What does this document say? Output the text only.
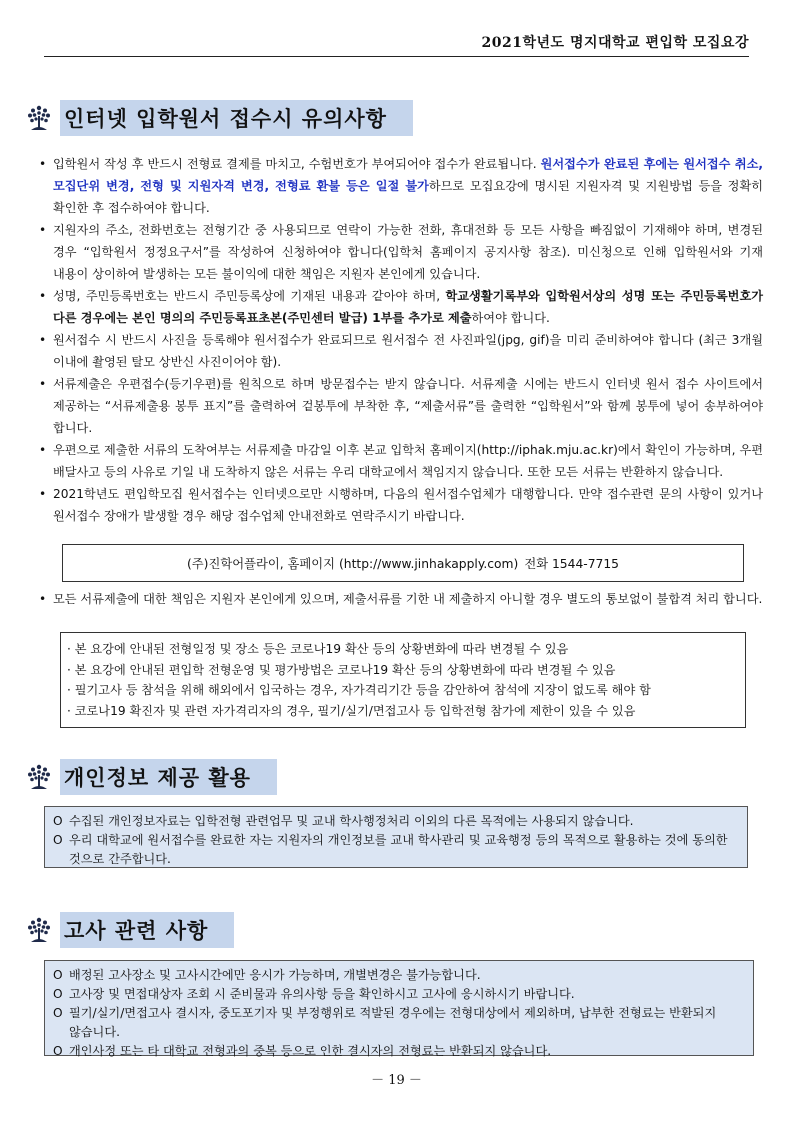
2021학년도 명지대학교 편입학 모집요강
인터넷 입학원서 접수시 유의사항
• 입학원서 작성 후 반드시 전형료 결제를 마치고, 수험번호가 부여되어야 접수가 완료됩니다. 원서접수가 완료된 후에는 원서접수 취소, 모집단위 변경, 전형 및 지원자격 변경, 전형료 환불 등은 일절 불가하므로 모집요강에 명시된 지원자격 및 지원방법 등을 정확히 확인한 후 접수하여야 합니다.
• 지원자의 주소, 전화번호는 전형기간 중 사용되므로 연락이 가능한 전화, 휴대전화 등 모든 사항을 빠짐없이 기재해야 하며, 변경된 경우 “입학원서 정정요구서”를 작성하여 신청하여야 합니다(입학처 홈페이지 공지사항 참조). 미신청으로 인해 입학원서와 기재 내용이 상이하여 발생하는 모든 불이익에 대한 책임은 지원자 본인에게 있습니다.
• 성명, 주민등록번호는 반드시 주민등록상에 기재된 내용과 같아야 하며, 학교생활기록부와 입학원서상의 성명 또는 주민등록번호가 다른 경우에는 본인 명의의 주민등록표초본(주민센터 발급) 1부를 추가로 제출하여야 합니다.
• 원서접수 시 반드시 사진을 등록해야 원서접수가 완료되므로 원서접수 전 사진파일(jpg, gif)을 미리 준비하여야 합니다 (최근 3개월 이내에 촬영된 탈모 상반신 사진이어야 함).
• 서류제출은 우편접수(등기우편)를 원칙으로 하며 방문접수는 받지 않습니다. 서류제출 시에는 반드시 인터넷 원서 접수 사이트에서 제공하는 “서류제출용 봉투 표지”를 출력하여 겉봉투에 부착한 후, “제출서류”를 출력한 “입학원서”와 함께 봉투에 넣어 송부하여야 합니다.
• 우편으로 제출한 서류의 도착여부는 서류제출 마감일 이후 본교 입학처 홈페이지(http://iphak.mju.ac.kr)에서 확인이 가능하며, 우편 배달사고 등의 사유로 기일 내 도착하지 않은 서류는 우리 대학교에서 책임지지 않습니다. 또한 모든 서류는 반환하지 않습니다.
• 2021학년도 편입학모집 원서접수는 인터넷으로만 시행하며, 다음의 원서접수업체가 대행합니다. 만약 접수관련 문의 사항이 있거나 원서접수 장애가 발생할 경우 해당 접수업체 안내전화로 연락주시기 바랍니다.
(주)진학어플라이, 홈페이지 (http://www.jinhakapply.com) 전화 1544-7715
• 모든 서류제출에 대한 책임은 지원자 본인에게 있으며, 제출서류를 기한 내 제출하지 아니할 경우 별도의 통보없이 불합격 처리 합니다.
· 본 요강에 안내된 전형일정 및 장소 등은 코로나19 확산 등의 상황변화에 따라 변경될 수 있음
· 본 요강에 안내된 편입학 전형운영 및 평가방법은 코로나19 확산 등의 상황변화에 따라 변경될 수 있음
· 필기고사 등 참석을 위해 해외에서 입국하는 경우, 자가격리기간 등을 감안하여 참석에 지장이 없도록 해야 함
· 코로나19 확진자 및 관련 자가격리자의 경우, 필기/실기/면접고사 등 입학전형 참가에 제한이 있을 수 있음
개인정보 제공 활용
O 수집된 개인정보자료는 입학전형 관련업무 및 교내 학사행정처리 이외의 다른 목적에는 사용되지 않습니다.
O 우리 대학교에 원서접수를 완료한 자는 지원자의 개인정보를 교내 학사관리 및 교육행정 등의 목적으로 활용하는 것에 동의한 것으로 간주합니다.
고사 관련 사항
O 배정된 고사장소 및 고사시간에만 응시가 가능하며, 개별변경은 불가능합니다.
O 고사장 및 면접대상자 조회 시 준비물과 유의사항 등을 확인하시고 고사에 응시하시기 바랍니다.
O 필기/실기/면접고사 결시자, 중도포기자 및 부정행위로 적발된 경우에는 전형대상에서 제외하며, 납부한 전형료는 반환되지 않습니다.
O 개인사정 또는 타 대학교 전형과의 중복 등으로 인한 결시자의 전형료는 반환되지 않습니다.
－ 19 －
